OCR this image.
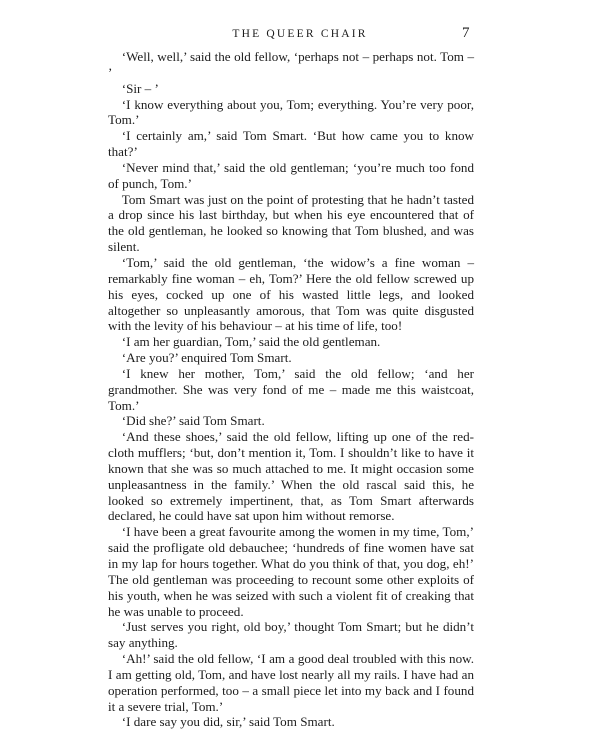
THE QUEER CHAIR	7

‘Well, well,’ said the old fellow, ‘perhaps not – perhaps not. Tom – ’

‘Sir – ’

‘I know everything about you, Tom; everything. You’re very poor, Tom.’

‘I certainly am,’ said Tom Smart. ‘But how came you to know that?’

‘Never mind that,’ said the old gentleman; ‘you’re much too fond of punch, Tom.’

Tom Smart was just on the point of protesting that he hadn’t tasted a drop since his last birthday, but when his eye encountered that of the old gentleman, he looked so knowing that Tom blushed, and was silent.

‘Tom,’ said the old gentleman, ‘the widow’s a fine woman – remarkably fine woman – eh, Tom?’ Here the old fellow screwed up his eyes, cocked up one of his wasted little legs, and looked altogether so unpleasantly amorous, that Tom was quite disgusted with the levity of his behaviour – at his time of life, too!

‘I am her guardian, Tom,’ said the old gentleman.

‘Are you?’ enquired Tom Smart.

‘I knew her mother, Tom,’ said the old fellow; ‘and her grandmother. She was very fond of me – made me this waistcoat, Tom.’

‘Did she?’ said Tom Smart.

‘And these shoes,’ said the old fellow, lifting up one of the red-cloth mufflers; ‘but, don’t mention it, Tom. I shouldn’t like to have it known that she was so much attached to me. It might occasion some unpleasantness in the family.’ When the old rascal said this, he looked so extremely impertinent, that, as Tom Smart afterwards declared, he could have sat upon him without remorse.

‘I have been a great favourite among the women in my time, Tom,’ said the profligate old debauchee; ‘hundreds of fine women have sat in my lap for hours together. What do you think of that, you dog, eh!’ The old gentleman was proceeding to recount some other exploits of his youth, when he was seized with such a violent fit of creaking that he was unable to proceed.

‘Just serves you right, old boy,’ thought Tom Smart; but he didn’t say anything.

‘Ah!’ said the old fellow, ‘I am a good deal troubled with this now. I am getting old, Tom, and have lost nearly all my rails. I have had an operation performed, too – a small piece let into my back and I found it a severe trial, Tom.’

‘I dare say you did, sir,’ said Tom Smart.
